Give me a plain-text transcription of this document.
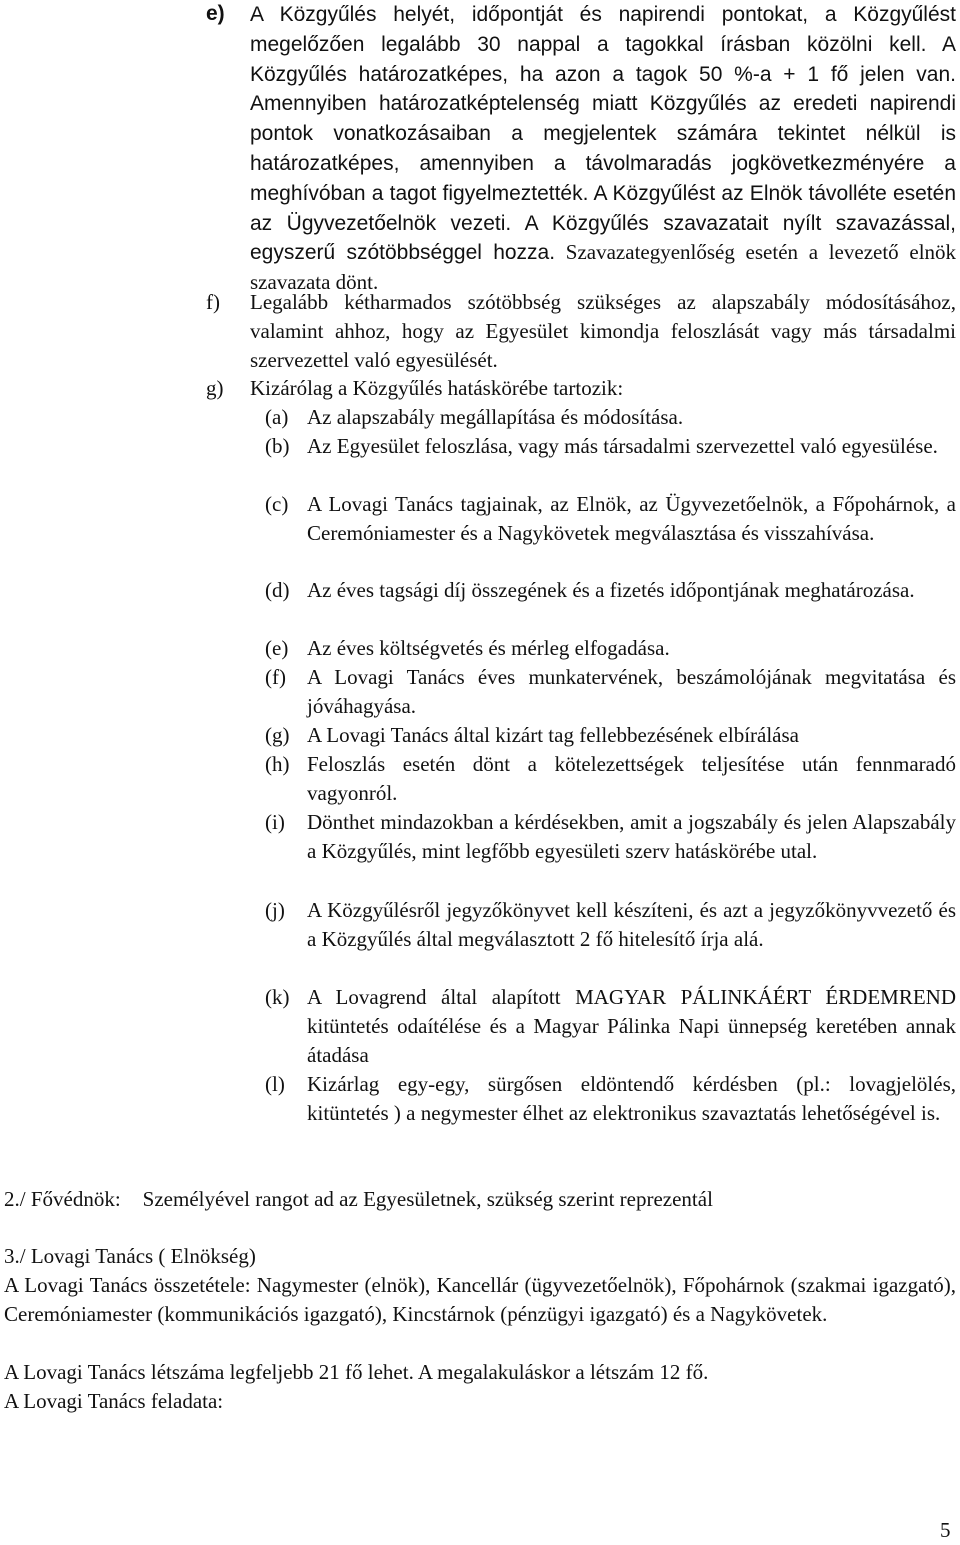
e) A Közgyűlés helyét, időpontját és napirendi pontokat, a Közgyűlést megelőzően legalább 30 nappal a tagokkal írásban közölni kell. A Közgyűlés határozatképes, ha azon a tagok 50 %-a + 1 fő jelen van. Amennyiben határozatképtelenség miatt Közgyűlés az eredeti napirendi pontok vonatkozásaiban a megjelentek számára tekintet nélkül is határozatképes, amennyiben a távolmaradás jogkövetkezményére a meghívóban a tagot figyelmeztették. A Közgyűlést az Elnök távolléte esetén az Ügyvezetőelnök vezeti. A Közgyűlés szavazatait nyílt szavazással, egyszerű szótöbbséggel hozza. Szavazategyenlőség esetén a levezető elnök szavazata dönt.
f) Legalább kétharmados szótöbbség szükséges az alapszabály módosításához, valamint ahhoz, hogy az Egyesület kimondja feloszlását vagy más társadalmi szervezettel való egyesülését.
g) Kizárólag a Közgyűlés hatáskörébe tartozik:
(a) Az alapszabály megállapítása és módosítása.
(b) Az Egyesület feloszlása, vagy más társadalmi szervezettel való egyesülése.
(c) A Lovagi Tanács tagjainak, az Elnök, az Ügyvezetőelnök, a Főpohárnok, a Ceremóniamester és a Nagykövetek megválasztása és visszahívása.
(d) Az éves tagsági díj összegének és a fizetés időpontjának meghatározása.
(e) Az éves költségvetés és mérleg elfogadása.
(f) A Lovagi Tanács éves munkatervének, beszámolójának megvitatása és jóváhagyása.
(g) A Lovagi Tanács által kizárt tag fellebbezésének elbírálása
(h) Feloszlás esetén dönt a kötelezettségek teljesítése után fennmaradó vagyonról.
(i) Dönthet mindazokban a kérdésekben, amit a jogszabály és jelen Alapszabály a Közgyűlés, mint legfőbb egyesületi szerv hatáskörébe utal.
(j) A Közgyűlésről jegyzőkönyvet kell készíteni, és azt a jegyzőkönyvvezető és a Közgyűlés által megválasztott 2 fő hitelesítő írja alá.
(k) A Lovagrend által alapított MAGYAR PÁLINKÁÉRT ÉRDEMREND kitüntetés odaítélése és a Magyar Pálinka Napi ünnepség keretében annak átadása
(l) Kizárlag egy-egy, sürgősen eldöntendő kérdésben (pl.: lovagjelölés, kitüntetés ) a negymester élhet az elektronikus szavaztatás lehetőségével is.
2./ Fővédnök: Személyével rangot ad az Egyesületnek, szükség szerint reprezentál
3./ Lovagi Tanács ( Elnökség)
A Lovagi Tanács összetétele: Nagymester (elnök), Kancellár (ügyvezetőelnök), Főpohárnok (szakmai igazgató), Ceremóniamester (kommunikációs igazgató), Kincstárnok (pénzügyi igazgató) és a Nagykövetek.
A Lovagi Tanács létszáma legfeljebb 21 fő lehet. A megalakuláskor a létszám 12 fő.
A Lovagi Tanács feladata:
5
